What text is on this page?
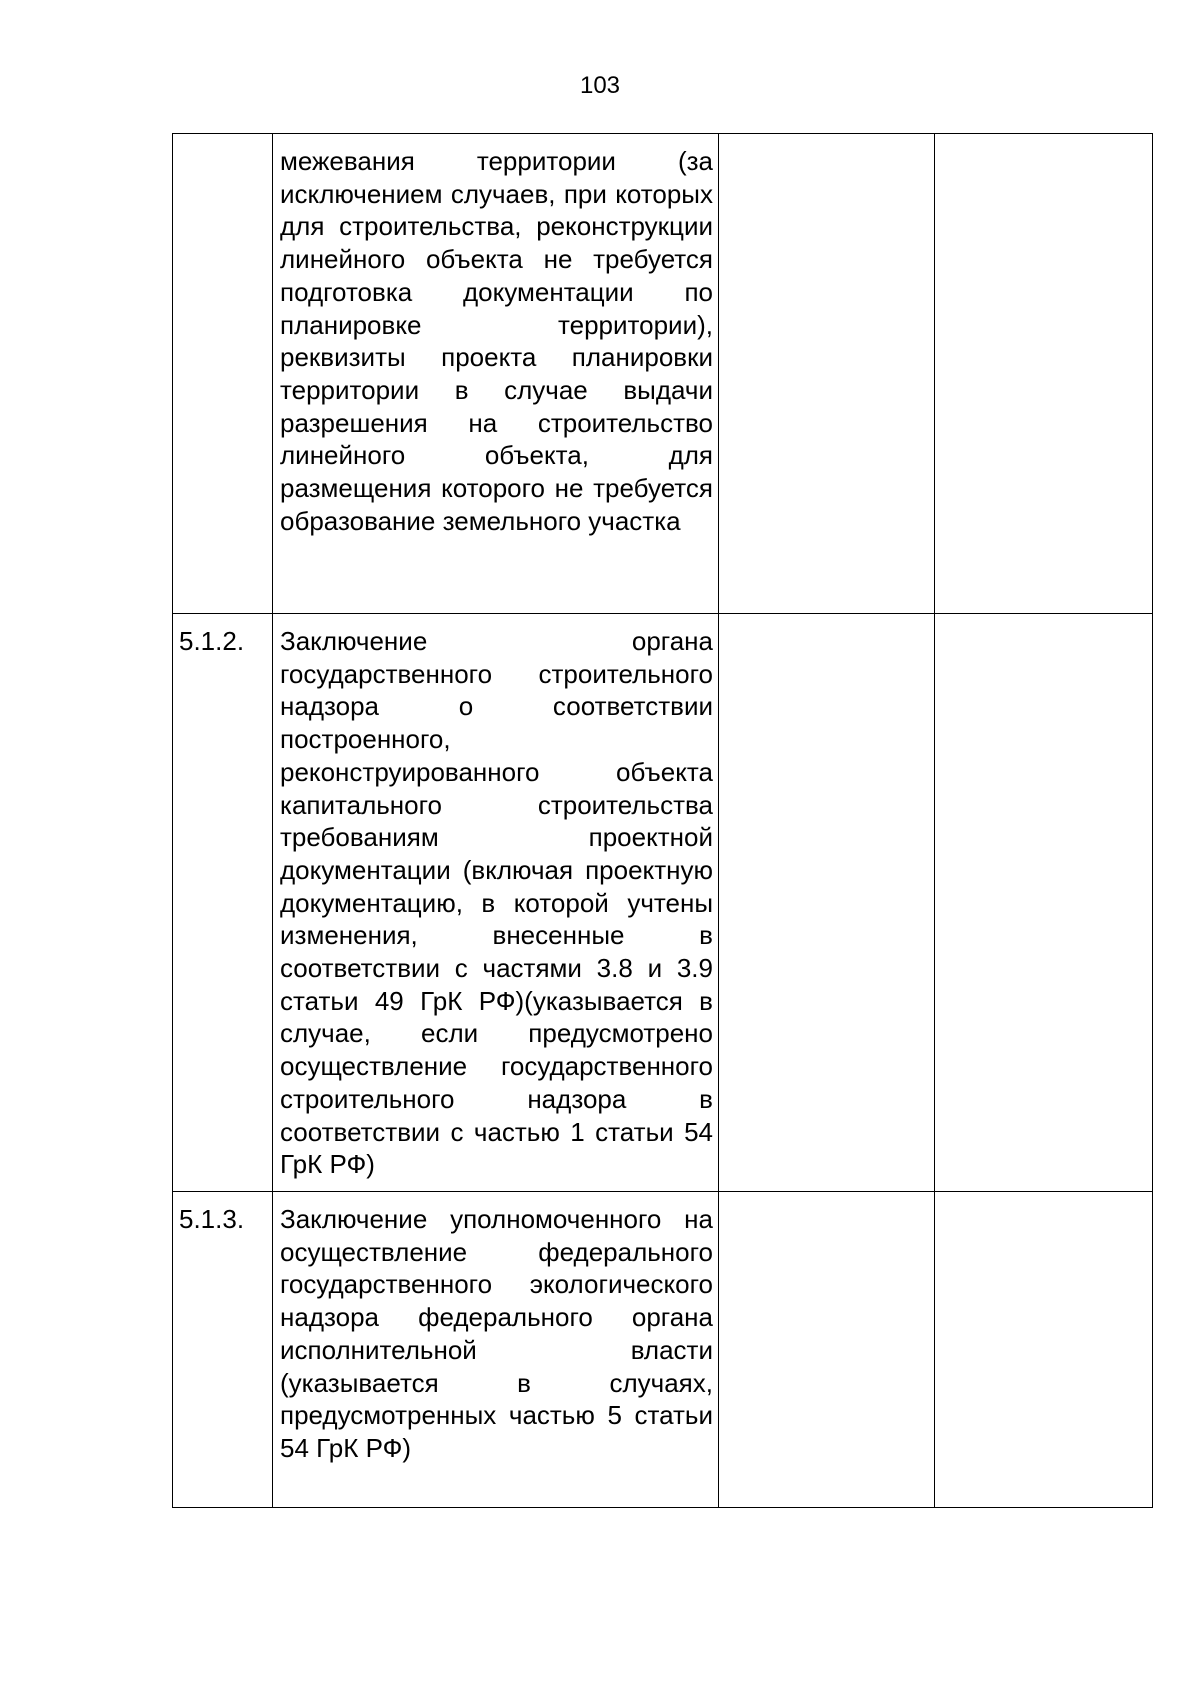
103

	межевания территории (за исключением случаев, при которых для строительства, реконструкции линейного объекта не требуется подготовка документации по планировке территории), реквизиты проекта планировки территории в случае выдачи разрешения на строительство линейного объекта, для размещения которого не требуется образование земельного участка		

5.1.2.	Заключение органа государственного строительного надзора о соответствии построенного, реконструированного объекта капитального строительства требованиям проектной документации (включая проектную документацию, в которой учтены изменения, внесенные в соответствии с частями 3.8 и 3.9 статьи 49 ГрК РФ)(указывается в случае, если предусмотрено осуществление государственного строительного надзора в соответствии с частью 1 статьи 54 ГрК РФ)		

5.1.3.	Заключение уполномоченного на осуществление федерального государственного экологического надзора федерального органа исполнительной власти (указывается в случаях, предусмотренных частью 5 статьи 54 ГрК РФ)		
